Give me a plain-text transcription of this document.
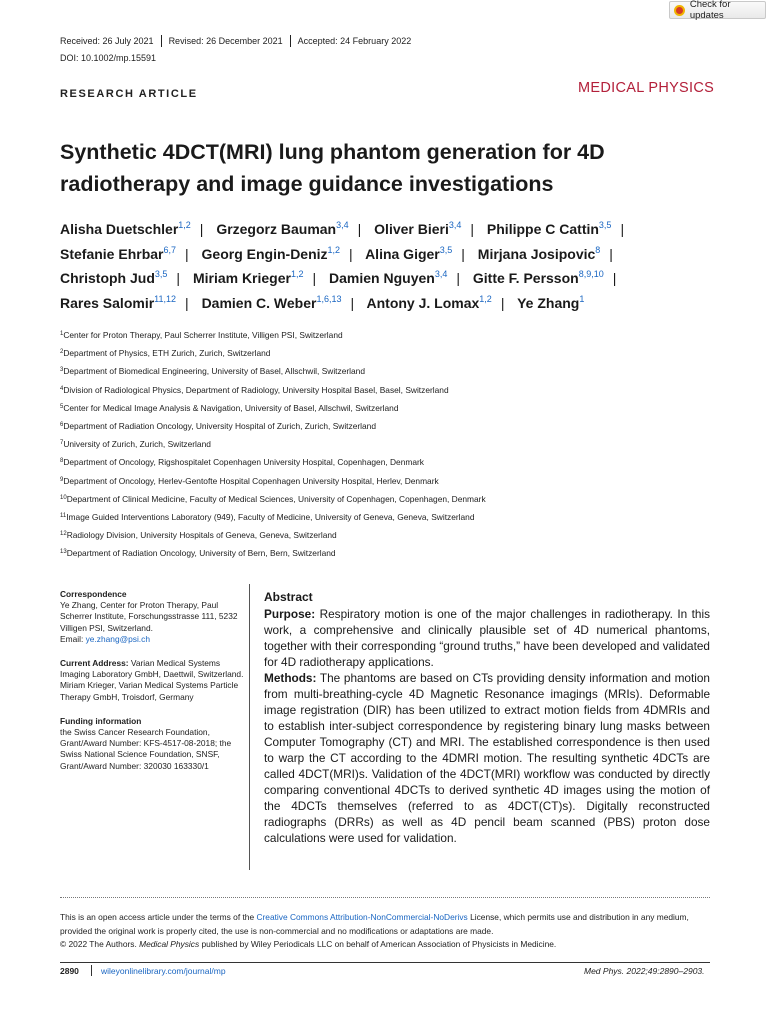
Check for updates
Received: 26 July 2021 Revised: 26 December 2021 Accepted: 24 February 2022
DOI: 10.1002/mp.15591
RESEARCH ARTICLE	MEDICAL PHYSICS
Synthetic 4DCT(MRI) lung phantom generation for 4D radiotherapy and image guidance investigations
Alisha Duetschler$^{1,2}$ | Grzegorz Bauman$^{3,4}$ | Oliver Bieri$^{3,4}$ | Philippe C Cattin$^{3,5}$ |
Stefanie Ehrbar$^{6,7}$ | Georg Engin-Deniz$^{1,2}$ | Alina Giger$^{3,5}$ | Mirjana Josipovic$^8$ |
Christoph Jud$^{3,5}$ | Miriam Krieger$^{1,2}$ | Damien Nguyen$^{3,4}$ | Gitte F. Persson$^{8,9,10}$ |
Rares Salomir$^{11,12}$ | Damien C. Weber$^{1,6,13}$ | Antony J. Lomax$^{1,2}$ | Ye Zhang$^1$
$^1$Center for Proton Therapy, Paul Scherrer Institute, Villigen PSI, Switzerland
$^2$Department of Physics, ETH Zurich, Zurich, Switzerland
$^3$Department of Biomedical Engineering, University of Basel, Allschwil, Switzerland
$^4$Division of Radiological Physics, Department of Radiology, University Hospital Basel, Basel, Switzerland
$^5$Center for Medical Image Analysis & Navigation, University of Basel, Allschwil, Switzerland
$^6$Department of Radiation Oncology, University Hospital of Zurich, Zurich, Switzerland
$^7$University of Zurich, Zurich, Switzerland
$^8$Department of Oncology, Rigshospitalet Copenhagen University Hospital, Copenhagen, Denmark
$^9$Department of Oncology, Herlev-Gentofte Hospital Copenhagen University Hospital, Herlev, Denmark
$^{10}$Department of Clinical Medicine, Faculty of Medical Sciences, University of Copenhagen, Copenhagen, Denmark
$^{11}$Image Guided Interventions Laboratory (949), Faculty of Medicine, University of Geneva, Geneva, Switzerland
$^{12}$Radiology Division, University Hospitals of Geneva, Geneva, Switzerland
$^{13}$Department of Radiation Oncology, University of Bern, Bern, Switzerland
Correspondence
Ye Zhang, Center for Proton Therapy, Paul Scherrer Institute, Forschungsstrasse 111, 5232 Villigen PSI, Switzerland.
Email: ye.zhang@psi.ch
Current Address: Varian Medical Systems Imaging Laboratory GmbH, Daettwil, Switzerland. Miriam Krieger, Varian Medical Systems Particle Therapy GmbH, Troisdorf, Germany
Funding information
the Swiss Cancer Research Foundation, Grant/Award Number: KFS-4517-08-2018; the Swiss National Science Foundation, SNSF, Grant/Award Number: 320030 163330/1
Abstract

Purpose: Respiratory motion is one of the major challenges in radiotherapy. In this work, a comprehensive and clinically plausible set of 4D numerical phantoms, together with their corresponding “ground truths,” have been developed and validated for 4D radiotherapy applications.

Methods: The phantoms are based on CTs providing density information and motion from multi-breathing-cycle 4D Magnetic Resonance imagings (MRIs). Deformable image registration (DIR) has been utilized to extract motion fields from 4DMRIs and to establish inter-subject correspondence by registering binary lung masks between Computer Tomography (CT) and MRI. The established correspondence is then used to warp the CT according to the 4DMRI motion. The resulting synthetic 4DCTs are called 4DCT(MRI)s. Validation of the 4DCT(MRI) workflow was conducted by directly comparing conventional 4DCTs to derived synthetic 4D images using the motion of the 4DCTs themselves (referred to as 4DCT(CT)s). Digitally reconstructed radiographs (DRRs) as well as 4D pencil beam scanned (PBS) proton dose calculations were used for validation.

This is an open access article under the terms of the Creative Commons Attribution-NonCommercial-NoDerivs License, which permits use and distribution in any medium, provided the original work is properly cited, the use is non-commercial and no modifications or adaptations are made.
© 2022 The Authors. Medical Physics published by Wiley Periodicals LLC on behalf of American Association of Physicists in Medicine.
2890	wileyonlinelibrary.com/journal/mp	Med Phys. 2022;49:2890–2903.
